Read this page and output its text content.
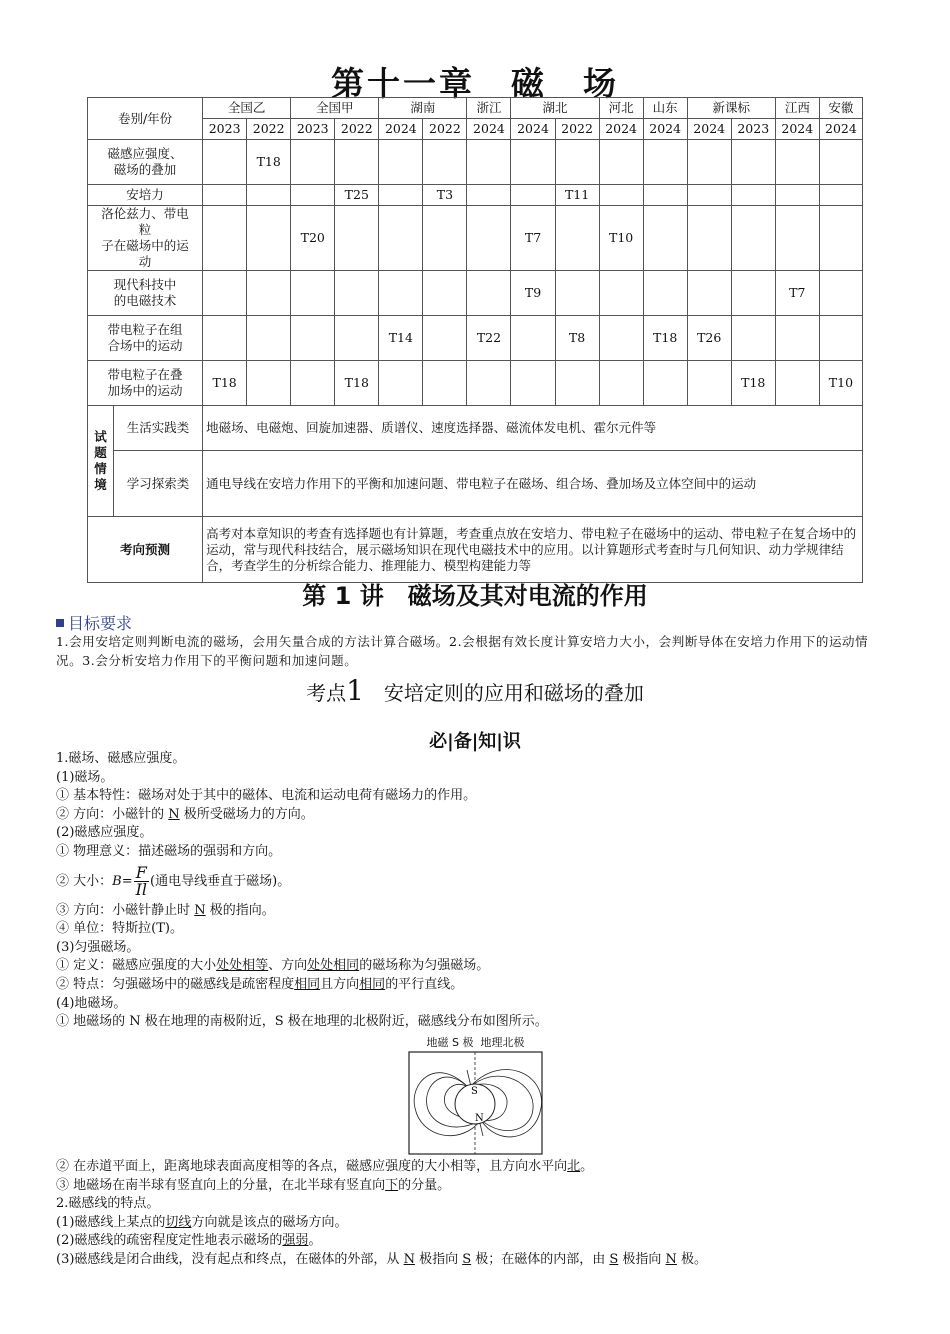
第十一章　磁　场
卷别/年份		全国乙		全国甲		湖南		浙江	湖北		河北	山东	新课标		江西	安徽
		2023	2022	2023	2022	2024	2022	2024	2024	2022	2024	2024	2024	2023	2024	2024
磁感应强度、
磁场的叠加			T18													
安培力					T25		T3			T11						
洛伦兹力、带电
粒
子在磁场中的运
动				T20					T7		T10					
现代科技中
的电磁技术									T9						T7	
带电粒子在组
合场中的运动						T14		T22		T8		T18	T26			
带电粒子在叠
加场中的运动		T18			T18									T18		T10
试
题
情
境	生活实践类	地磁场、电磁炮、回旋加速器、质谱仪、速度选择器、磁流体发电机、霍尔元件等														
	学习探索类	通电导线在安培力作用下的平衡和加速问题、带电粒子在磁场、组合场、叠加场及立体空间中的运动														
考向预测		高考对本章知识的考查有选择题也有计算题，考查重点放在安培力、带电粒子在磁场中的运动、带电粒子在复合场中的运动，常与现代科技结合，展示磁场知识在现代电磁技术中的应用。以计算题形式考查时与几何知识、动力学规律结合，考查学生的分析综合能力、推理能力、模型构建能力等														
第 1 讲　磁场及其对电流的作用
目标要求
1.会用安培定则判断电流的磁场，会用矢量合成的方法计算合磁场。2.会根据有效长度计算安培力大小，会判断导体在安培力作用下的运动情况。3.会分析安培力作用下的平衡问题和加速问题。
考点1　 安培定则的应用和磁场的叠加
必|备|知|识
1.磁场、磁感应强度。
(1)磁场。
① 基本特性：磁场对处于其中的磁体、电流和运动电荷有磁场力的作用。
② 方向：小磁针的 N 极所受磁场力的方向。
(2)磁感应强度。
① 物理意义：描述磁场的强弱和方向。
② 大小：$B= \frac{F}{Il}$ (通电导线垂直于磁场)。
③ 方向：小磁针静止时 N 极的指向。
④ 单位：特斯拉(T)。
(3)匀强磁场。
① 定义：磁感应强度的大小处处相等、方向处处相同的磁场称为匀强磁场。
② 特点：匀强磁场中的磁感线是疏密程度相同且方向相同的平行直线。
(4)地磁场。
① 地磁场的 N 极在地理的南极附近，S 极在地理的北极附近，磁感线分布如图所示。
地磁 S 极  地理北极
S
N
② 在赤道平面上，距离地球表面高度相等的各点，磁感应强度的大小相等，且方向水平向北。
③ 地磁场在南半球有竖直向上的分量，在北半球有竖直向下的分量。
2.磁感线的特点。
(1)磁感线上某点的切线方向就是该点的磁场方向。
(2)磁感线的疏密程度定性地表示磁场的强弱。
(3)磁感线是闭合曲线，没有起点和终点，在磁体的外部，从 N 极指向 S 极；在磁体的内部，由 S 极指向 N 极。
